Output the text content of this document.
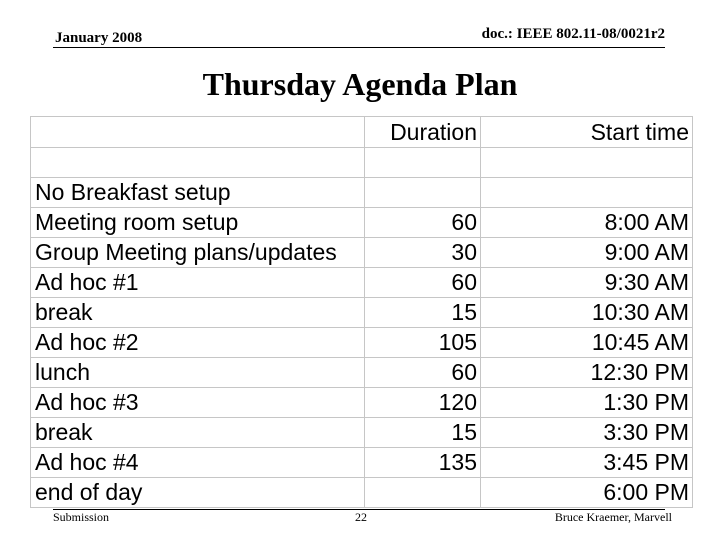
January 2008	doc.: IEEE 802.11-08/0021r2
Thursday Agenda Plan
	Duration	Start time

No Breakfast setup		
Meeting room setup	60	8:00 AM
Group Meeting plans/updates	30	9:00 AM
Ad hoc #1	60	9:30 AM
break	15	10:30 AM
Ad hoc #2	105	10:45 AM
lunch	60	12:30 PM
Ad hoc #3	120	1:30 PM
break	15	3:30 PM
Ad hoc #4	135	3:45 PM
end of day		6:00 PM
Submission	22	Bruce Kraemer, Marvell
